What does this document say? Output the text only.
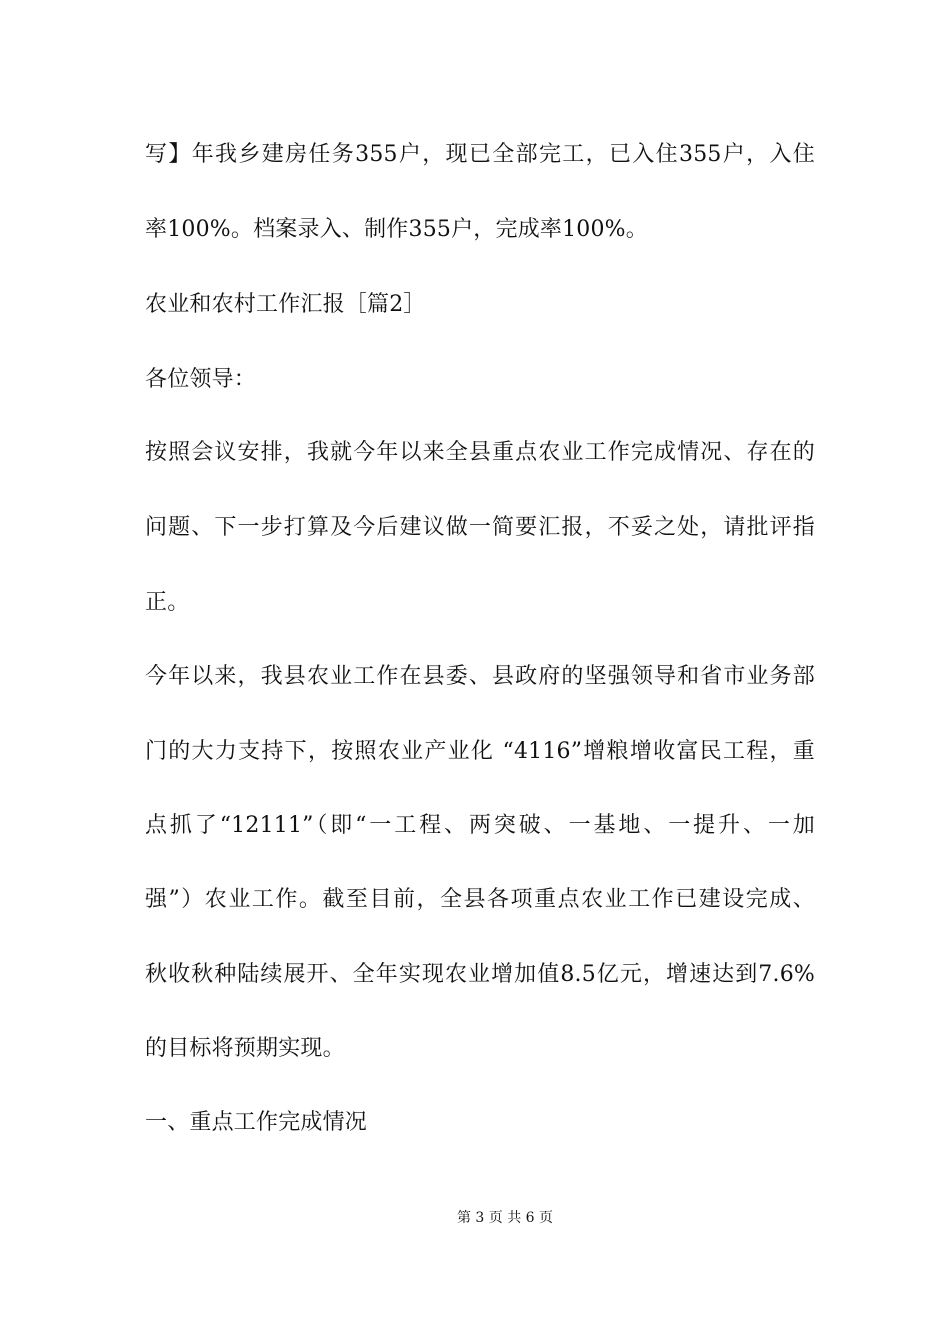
写】年我乡建房任务355户，现已全部完工，已入住355户，入住
率100%。档案录入、制作355户，完成率100%。
农业和农村工作汇报［篇2］
各位领导：
按照会议安排，我就今年以来全县重点农业工作完成情况、存在的
问题、下一步打算及今后建议做一简要汇报，不妥之处，请批评指
正。
今年以来，我县农业工作在县委、县政府的坚强领导和省市业务部
门的大力支持下，按照农业产业化 “4116”增粮增收富民工程，重
点抓了“12111”（即“一工程、两突破、一基地、一提升、一加
强”）农业工作。截至目前，全县各项重点农业工作已建设完成、
秋收秋种陆续展开、全年实现农业增加值8.5亿元，增速达到7.6%
的目标将预期实现。
一、重点工作完成情况
第 3 页 共 6 页
